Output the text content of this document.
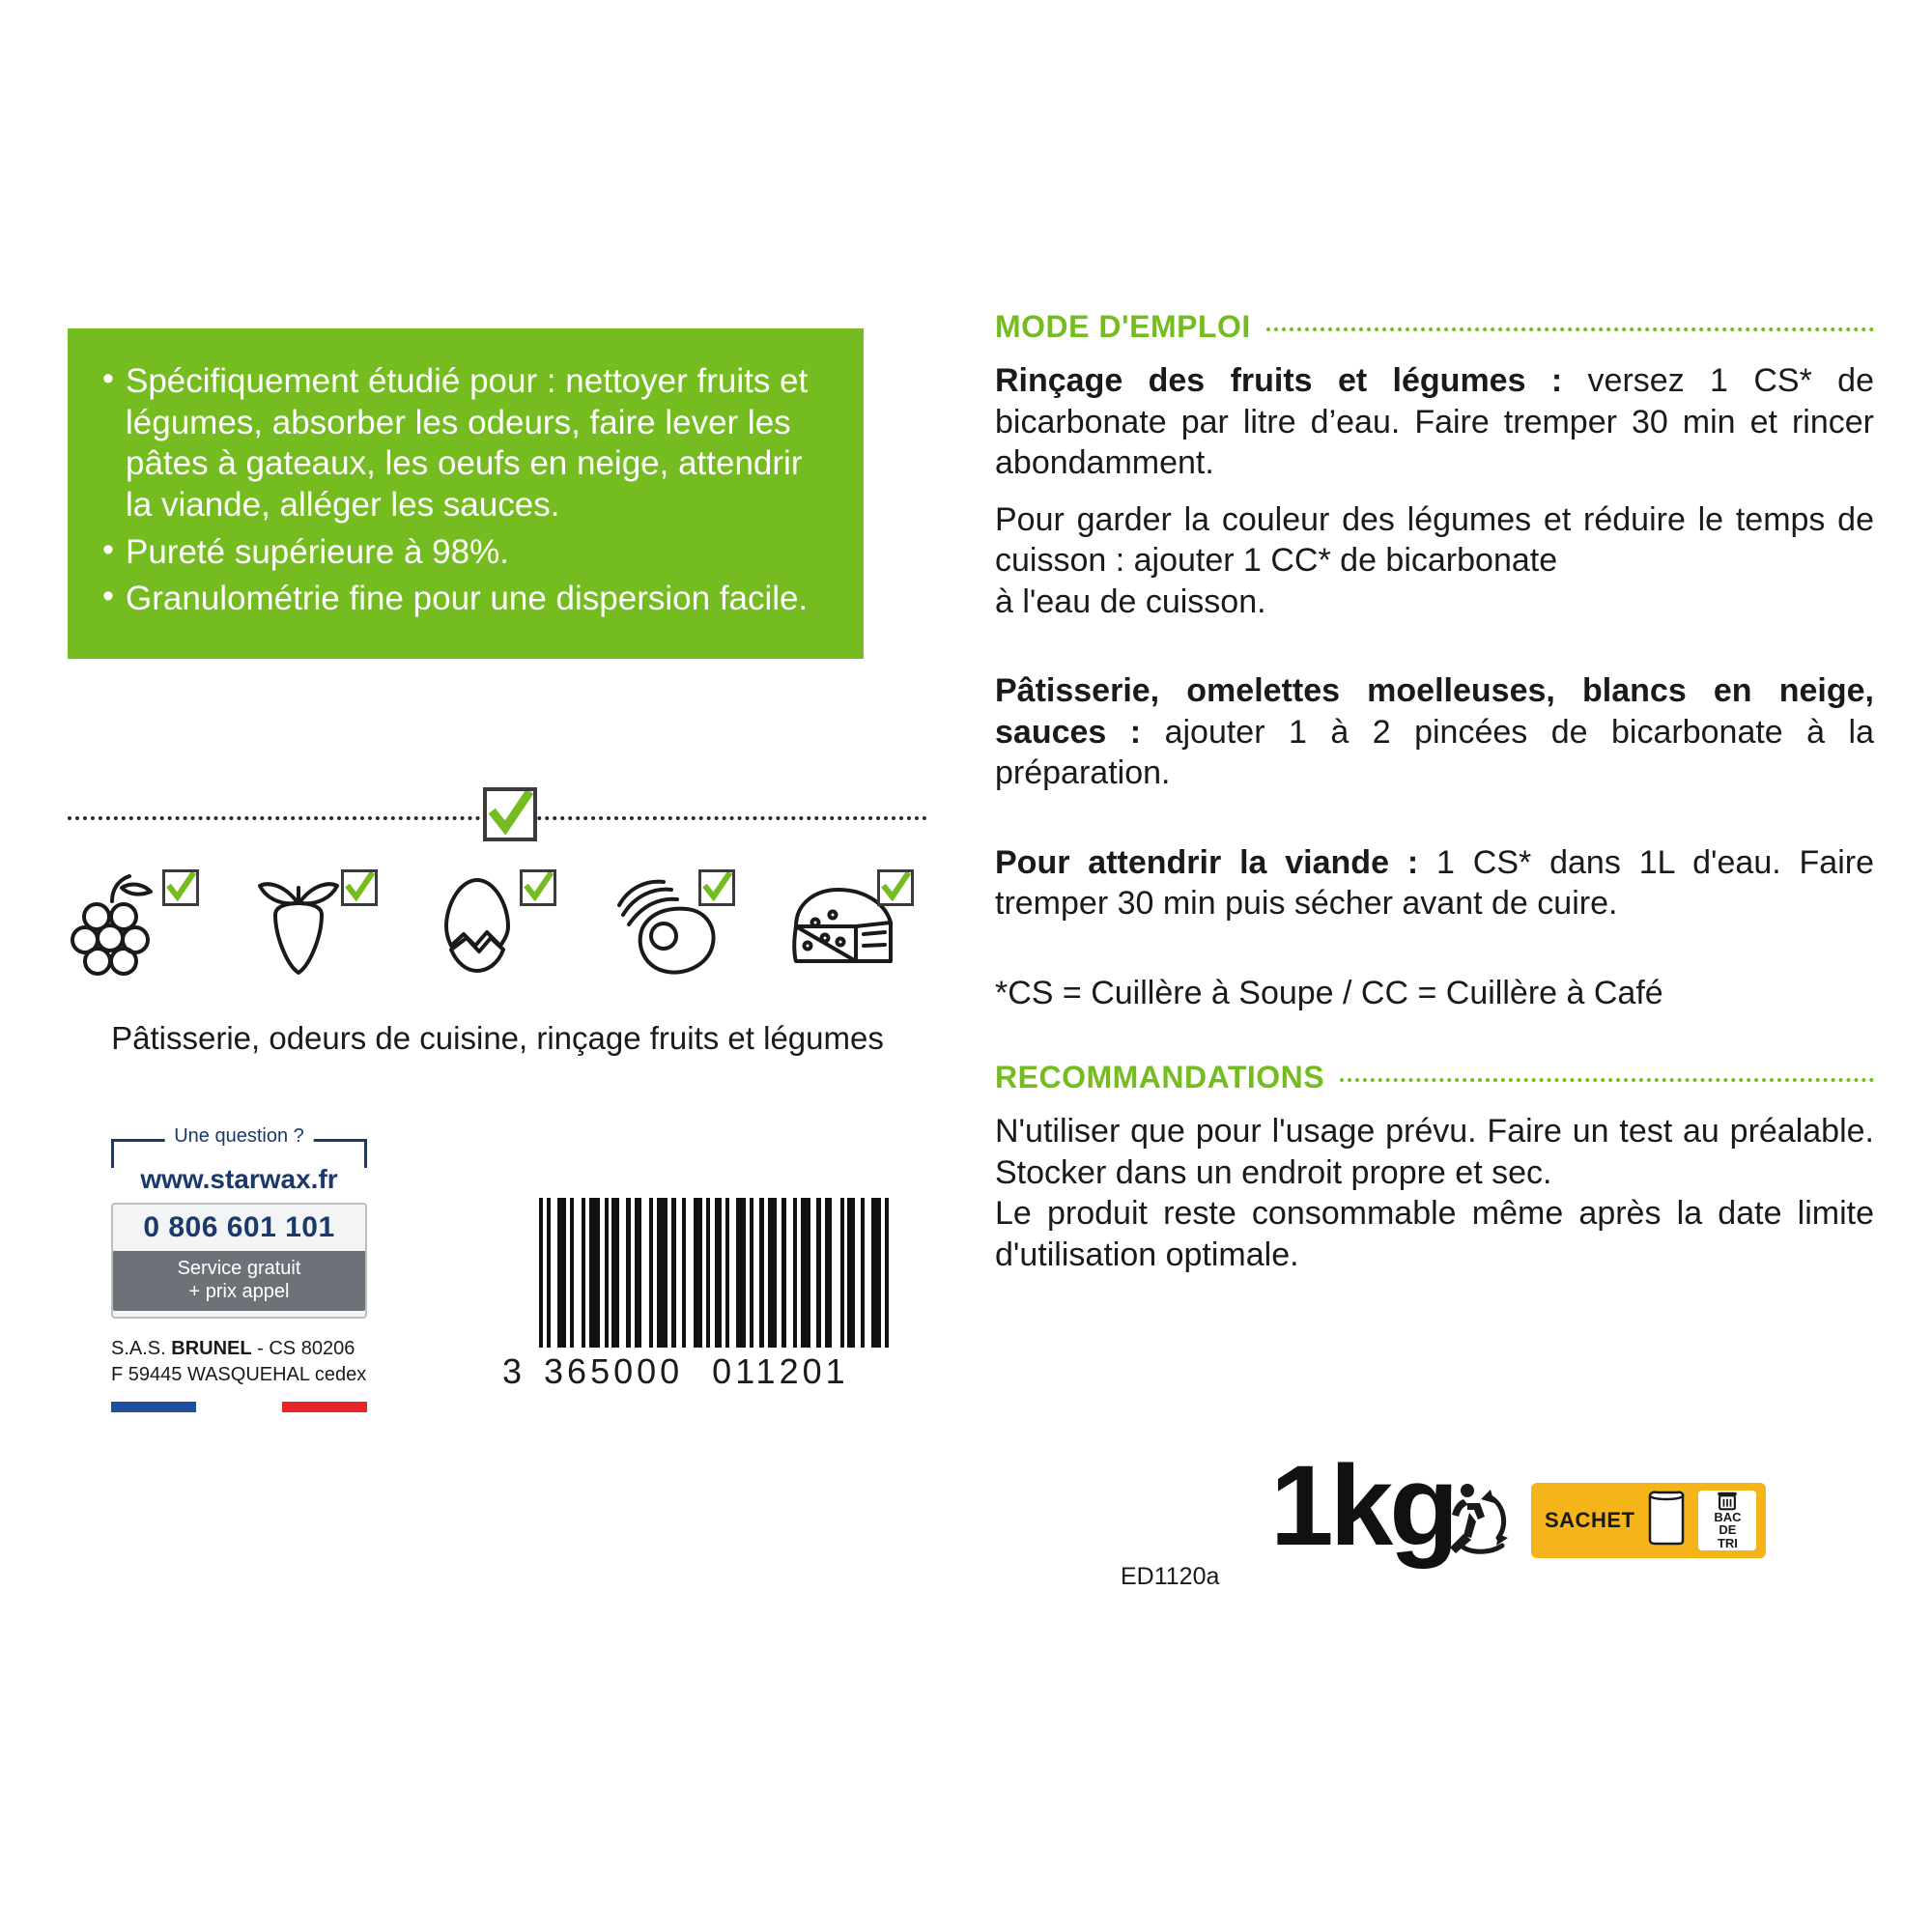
• Spécifiquement étudié pour : nettoyer fruits et légumes, absorber les odeurs, faire lever les pâtes à gateaux, les oeufs en neige, attendrir la viande, alléger les sauces.
• Pureté supérieure à 98%.
• Granulométrie fine pour une dispersion facile.
Pâtisserie, odeurs de cuisine, rinçage fruits et légumes
Une question ?
www.starwax.fr
0 806 601 101
Service gratuit
+ prix appel
S.A.S. BRUNEL - CS 80206
F 59445 WASQUEHAL cedex	3 365000 011201
MODE D'EMPLOI
Rinçage des fruits et légumes : versez 1 CS* de bicarbonate par litre d’eau. Faire tremper 30 min et rincer abondamment.
Pour garder la couleur des légumes et réduire le temps de cuisson : ajouter 1 CC* de bicarbonate
à l'eau de cuisson.
Pâtisserie, omelettes moelleuses, blancs en neige, sauces : ajouter 1 à 2 pincées de bicarbonate à la préparation.
Pour attendrir la viande : 1 CS* dans 1L d'eau. Faire tremper 30 min puis sécher avant de cuire.
*CS = Cuillère à Soupe / CC = Cuillère à Café
RECOMMANDATIONS
N'utiliser que pour l'usage prévu. Faire un test au préalable. Stocker dans un endroit propre et sec.
Le produit reste consommable même après la date limite d'utilisation optimale.
ED1120a
1kg	SACHET	BAC
DE
TRI
